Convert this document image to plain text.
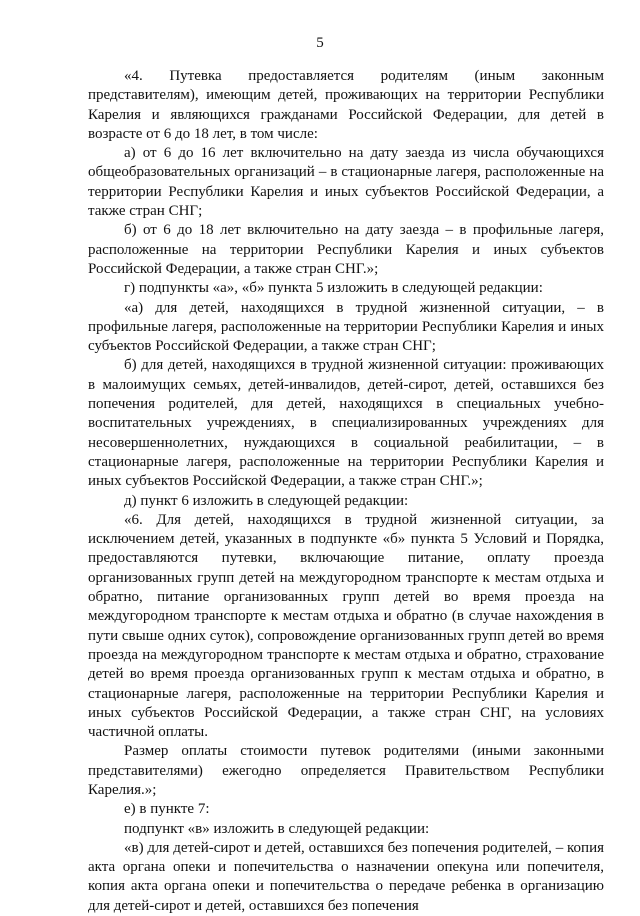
5

«4. Путевка предоставляется родителям (иным законным представителям), имеющим детей, проживающих на территории Республики Карелия и являющихся гражданами Российской Федерации, для детей в возрасте от 6 до 18 лет, в том числе:

а) от 6 до 16 лет включительно на дату заезда из числа обучающихся общеобразовательных организаций – в стационарные лагеря, расположенные на территории Республики Карелия и иных субъектов Российской Федерации, а также стран СНГ;

б) от 6 до 18 лет включительно на дату заезда – в профильные лагеря, расположенные на территории Республики Карелия и иных субъектов Российской Федерации, а также стран СНГ.»;

г) подпункты «а», «б» пункта 5 изложить в следующей редакции:

«а) для детей, находящихся в трудной жизненной ситуации, – в профильные лагеря, расположенные на территории Республики Карелия и иных субъектов Российской Федерации, а также стран СНГ;

б) для детей, находящихся в трудной жизненной ситуации: проживающих в малоимущих семьях, детей-инвалидов, детей-сирот, детей, оставшихся без попечения родителей, для детей, находящихся в специальных учебно-воспитательных учреждениях, в специализированных учреждениях для несовершеннолетних, нуждающихся в социальной реабилитации, – в стационарные лагеря, расположенные на территории Республики Карелия и иных субъектов Российской Федерации, а также стран СНГ.»;

д) пункт 6 изложить в следующей редакции:

«6. Для детей, находящихся в трудной жизненной ситуации, за исключением детей, указанных в подпункте «б» пункта 5 Условий и Порядка, предоставляются путевки, включающие питание, оплату проезда организованных групп детей на междугородном транспорте к местам отдыха и обратно, питание организованных групп детей во время проезда на междугородном транспорте к местам отдыха и обратно (в случае нахождения в пути свыше одних суток), сопровождение организованных групп детей во время проезда на междугородном транспорте к местам отдыха и обратно, страхование детей во время проезда организованных групп к местам отдыха и обратно, в стационарные лагеря, расположенные на территории Республики Карелия и иных субъектов Российской Федерации, а также стран СНГ, на условиях частичной оплаты.

Размер оплаты стоимости путевок родителями (иными законными представителями) ежегодно определяется Правительством Республики Карелия.»;

е) в пункте 7:

подпункт «в» изложить в следующей редакции:

«в) для детей-сирот и детей, оставшихся без попечения родителей, – копия акта органа опеки и попечительства о назначении опекуна или попечителя, копия акта органа опеки и попечительства о передаче ребенка в организацию для детей-сирот и детей, оставшихся без попечения
